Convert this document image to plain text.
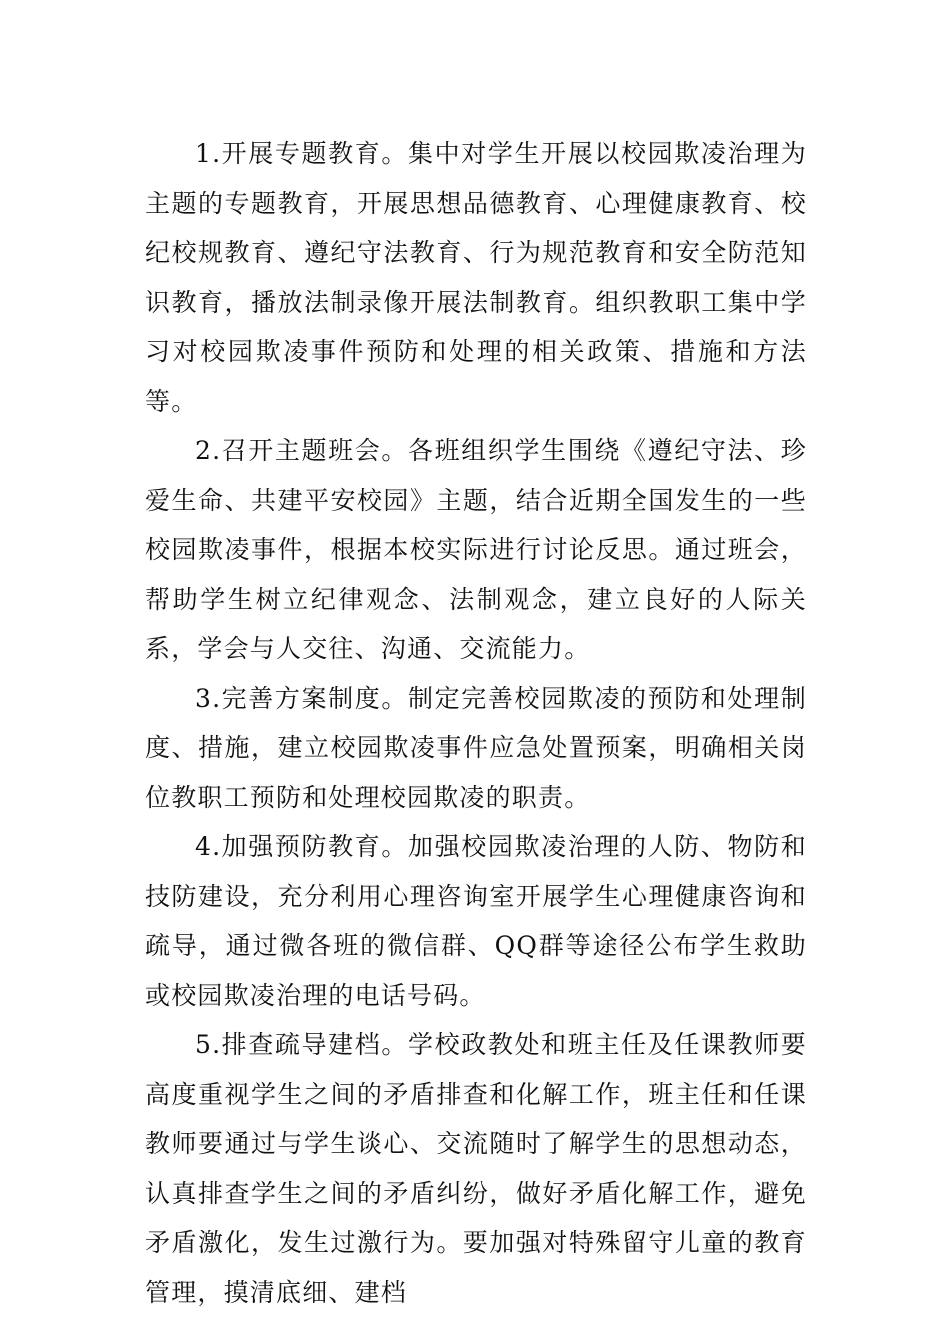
1.开展专题教育。集中对学生开展以校园欺凌治理为主题的专题教育，开展思想品德教育、心理健康教育、校纪校规教育、遵纪守法教育、行为规范教育和安全防范知识教育，播放法制录像开展法制教育。组织教职工集中学习对校园欺凌事件预防和处理的相关政策、措施和方法等。

2.召开主题班会。各班组织学生围绕《遵纪守法、珍爱生命、共建平安校园》主题，结合近期全国发生的一些校园欺凌事件，根据本校实际进行讨论反思。通过班会，帮助学生树立纪律观念、法制观念，建立良好的人际关系，学会与人交往、沟通、交流能力。

3.完善方案制度。制定完善校园欺凌的预防和处理制度、措施，建立校园欺凌事件应急处置预案，明确相关岗位教职工预防和处理校园欺凌的职责。

4.加强预防教育。加强校园欺凌治理的人防、物防和技防建设，充分利用心理咨询室开展学生心理健康咨询和疏导，通过微各班的微信群、QQ群等途径公布学生救助或校园欺凌治理的电话号码。

5.排查疏导建档。学校政教处和班主任及任课教师要高度重视学生之间的矛盾排查和化解工作，班主任和任课教师要通过与学生谈心、交流随时了解学生的思想动态，认真排查学生之间的矛盾纠纷，做好矛盾化解工作，避免矛盾激化，发生过激行为。要加强对特殊留守儿童的教育管理，摸清底细、建档
